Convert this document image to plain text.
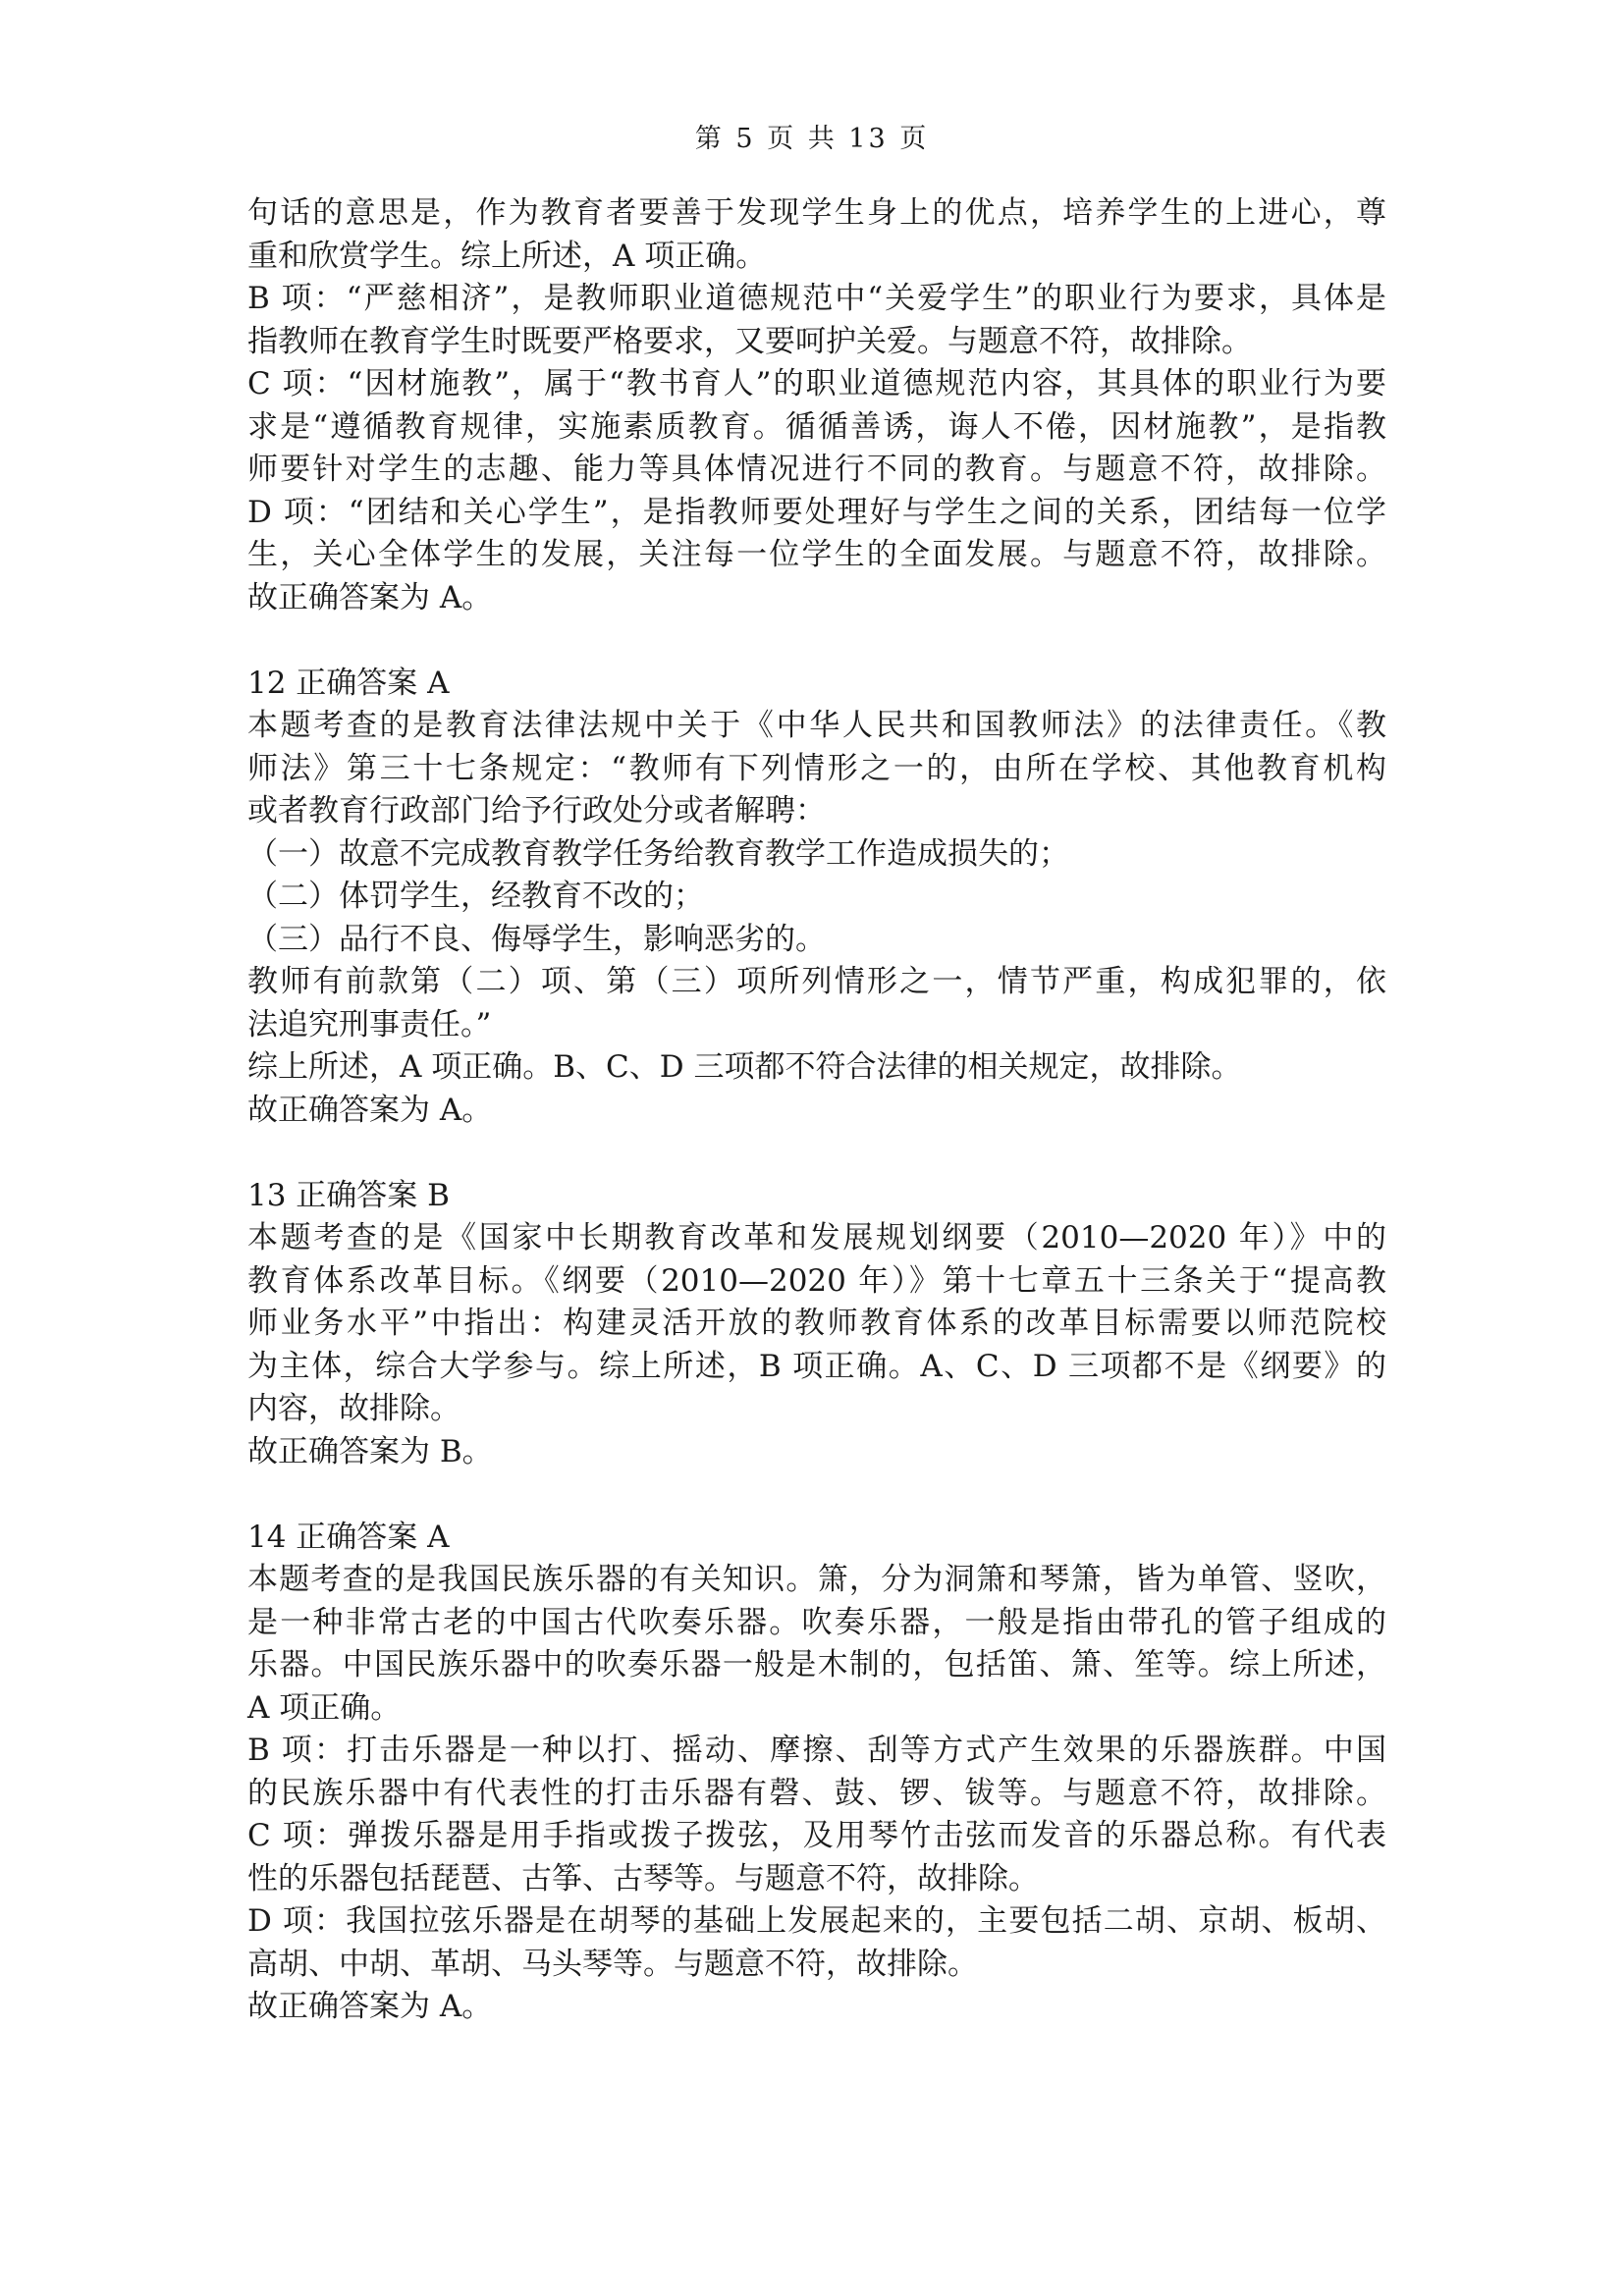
第 5 页 共 13 页
句话的意思是，作为教育者要善于发现学生身上的优点，培养学生的上进心，尊
重和欣赏学生。综上所述，A 项正确。
B 项：“严慈相济”，是教师职业道德规范中“关爱学生”的职业行为要求，具体是
指教师在教育学生时既要严格要求，又要呵护关爱。与题意不符，故排除。
C 项：“因材施教”，属于“教书育人”的职业道德规范内容，其具体的职业行为要
求是“遵循教育规律，实施素质教育。循循善诱，诲人不倦，因材施教”，是指教
师要针对学生的志趣、能力等具体情况进行不同的教育。与题意不符，故排除。
D 项：“团结和关心学生”，是指教师要处理好与学生之间的关系，团结每一位学
生，关心全体学生的发展，关注每一位学生的全面发展。与题意不符，故排除。
故正确答案为 A。
12 正确答案 A
本题考查的是教育法律法规中关于《中华人民共和国教师法》的法律责任。《教
师法》第三十七条规定：“教师有下列情形之一的，由所在学校、其他教育机构
或者教育行政部门给予行政处分或者解聘：
（一）故意不完成教育教学任务给教育教学工作造成损失的；
（二）体罚学生，经教育不改的；
（三）品行不良、侮辱学生，影响恶劣的。
教师有前款第（二）项、第（三）项所列情形之一，情节严重，构成犯罪的，依
法追究刑事责任。”
综上所述，A 项正确。B、C、D 三项都不符合法律的相关规定，故排除。
故正确答案为 A。
13 正确答案 B
本题考查的是《国家中长期教育改革和发展规划纲要（2010—2020 年）》中的
教育体系改革目标。《纲要（2010—2020 年）》第十七章五十三条关于“提高教
师业务水平”中指出：构建灵活开放的教师教育体系的改革目标需要以师范院校
为主体，综合大学参与。综上所述，B 项正确。A、C、D 三项都不是《纲要》的
内容，故排除。
故正确答案为 B。
14 正确答案 A
本题考查的是我国民族乐器的有关知识。箫，分为洞箫和琴箫，皆为单管、竖吹，
是一种非常古老的中国古代吹奏乐器。吹奏乐器，一般是指由带孔的管子组成的
乐器。中国民族乐器中的吹奏乐器一般是木制的，包括笛、箫、笙等。综上所述，
A 项正确。
B 项：打击乐器是一种以打、摇动、摩擦、刮等方式产生效果的乐器族群。中国
的民族乐器中有代表性的打击乐器有磬、鼓、锣、钹等。与题意不符，故排除。
C 项：弹拨乐器是用手指或拨子拨弦，及用琴竹击弦而发音的乐器总称。有代表
性的乐器包括琵琶、古筝、古琴等。与题意不符，故排除。
D 项：我国拉弦乐器是在胡琴的基础上发展起来的，主要包括二胡、京胡、板胡、
高胡、中胡、革胡、马头琴等。与题意不符，故排除。
故正确答案为 A。
